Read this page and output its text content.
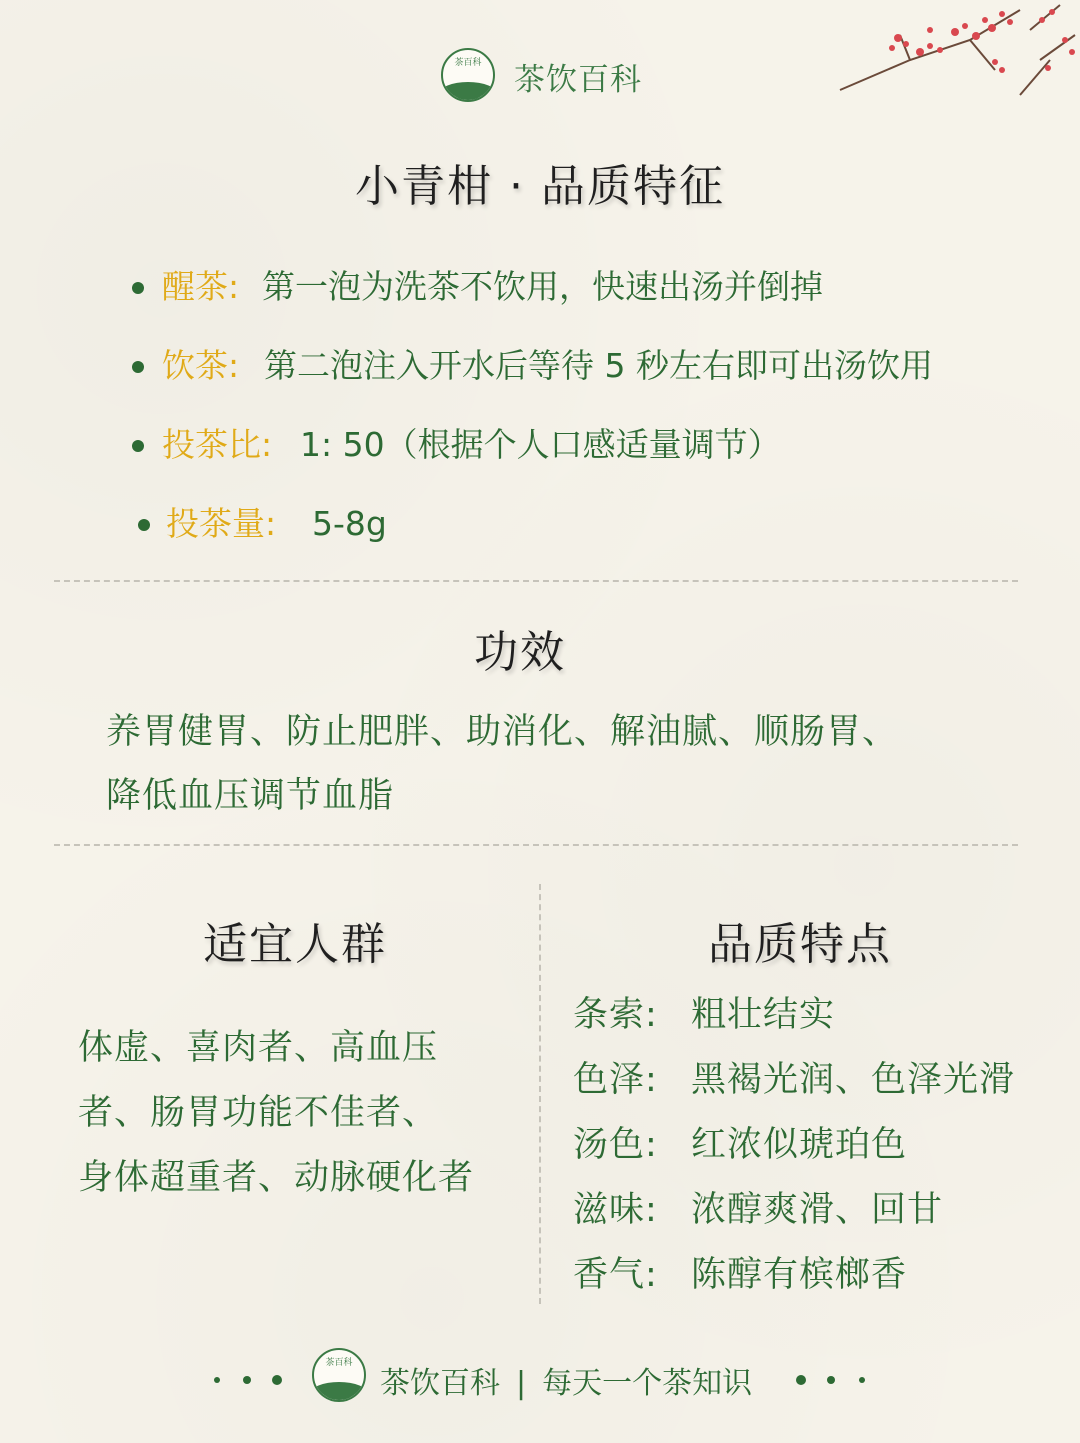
茶百科	茶饮百科
小青柑 · 品质特征
醒茶: 第一泡为洗茶不饮用，快速出汤并倒掉
饮茶: 第二泡注入开水后等待 5 秒左右即可出汤饮用
投茶比: 1: 50（根据个人口感适量调节）
投茶量: 5-8g
功效
养胃健胃、防止肥胖、助消化、解油腻、顺肠胃、
降低血压调节血脂
适宜人群
体虚、喜肉者、高血压
者、肠胃功能不佳者、
身体超重者、动脉硬化者
品质特点
条索: 粗壮结实
色泽: 黑褐光润、色泽光滑
汤色: 红浓似琥珀色
滋味: 浓醇爽滑、回甘
香气: 陈醇有槟榔香
茶百科
茶饮百科 | 每天一个茶知识
